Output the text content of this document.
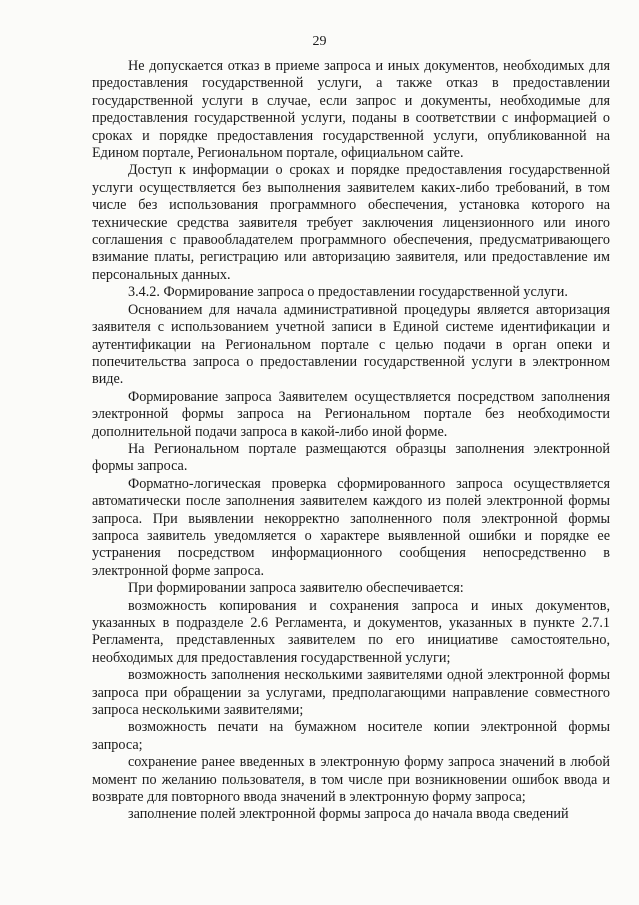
29

Не допускается отказ в приеме запроса и иных документов, необходимых для предоставления государственной услуги, а также отказ в предоставлении государственной услуги в случае, если запрос и документы, необходимые для предоставления государственной услуги, поданы в соответствии с информацией о сроках и порядке предоставления государственной услуги, опубликованной на Едином портале, Региональном портале, официальном сайте.

Доступ к информации о сроках и порядке предоставления государственной услуги осуществляется без выполнения заявителем каких-либо требований, в том числе без использования программного обеспечения, установка которого на технические средства заявителя требует заключения лицензионного или иного соглашения с правообладателем программного обеспечения, предусматривающего взимание платы, регистрацию или авторизацию заявителя, или предоставление им персональных данных.

3.4.2. Формирование запроса о предоставлении государственной услуги.

Основанием для начала административной процедуры является авторизация заявителя с использованием учетной записи в Единой системе идентификации и аутентификации на Региональном портале с целью подачи в орган опеки и попечительства запроса о предоставлении государственной услуги в электронном виде.

Формирование запроса Заявителем осуществляется посредством заполнения электронной формы запроса на Региональном портале без необходимости дополнительной подачи запроса в какой-либо иной форме.

На Региональном портале размещаются образцы заполнения электронной формы запроса.

Форматно-логическая проверка сформированного запроса осуществляется автоматически после заполнения заявителем каждого из полей электронной формы запроса. При выявлении некорректно заполненного поля электронной формы запроса заявитель уведомляется о характере выявленной ошибки и порядке ее устранения посредством информационного сообщения непосредственно в электронной форме запроса.

При формировании запроса заявителю обеспечивается:

возможность копирования и сохранения запроса и иных документов, указанных в подразделе 2.6 Регламента, и документов, указанных в пункте 2.7.1 Регламента, представленных заявителем по его инициативе самостоятельно, необходимых для предоставления государственной услуги;

возможность заполнения несколькими заявителями одной электронной формы запроса при обращении за услугами, предполагающими направление совместного запроса несколькими заявителями;

возможность печати на бумажном носителе копии электронной формы запроса;

сохранение ранее введенных в электронную форму запроса значений в любой момент по желанию пользователя, в том числе при возникновении ошибок ввода и возврате для повторного ввода значений в электронную форму запроса;

заполнение полей электронной формы запроса до начала ввода сведений
